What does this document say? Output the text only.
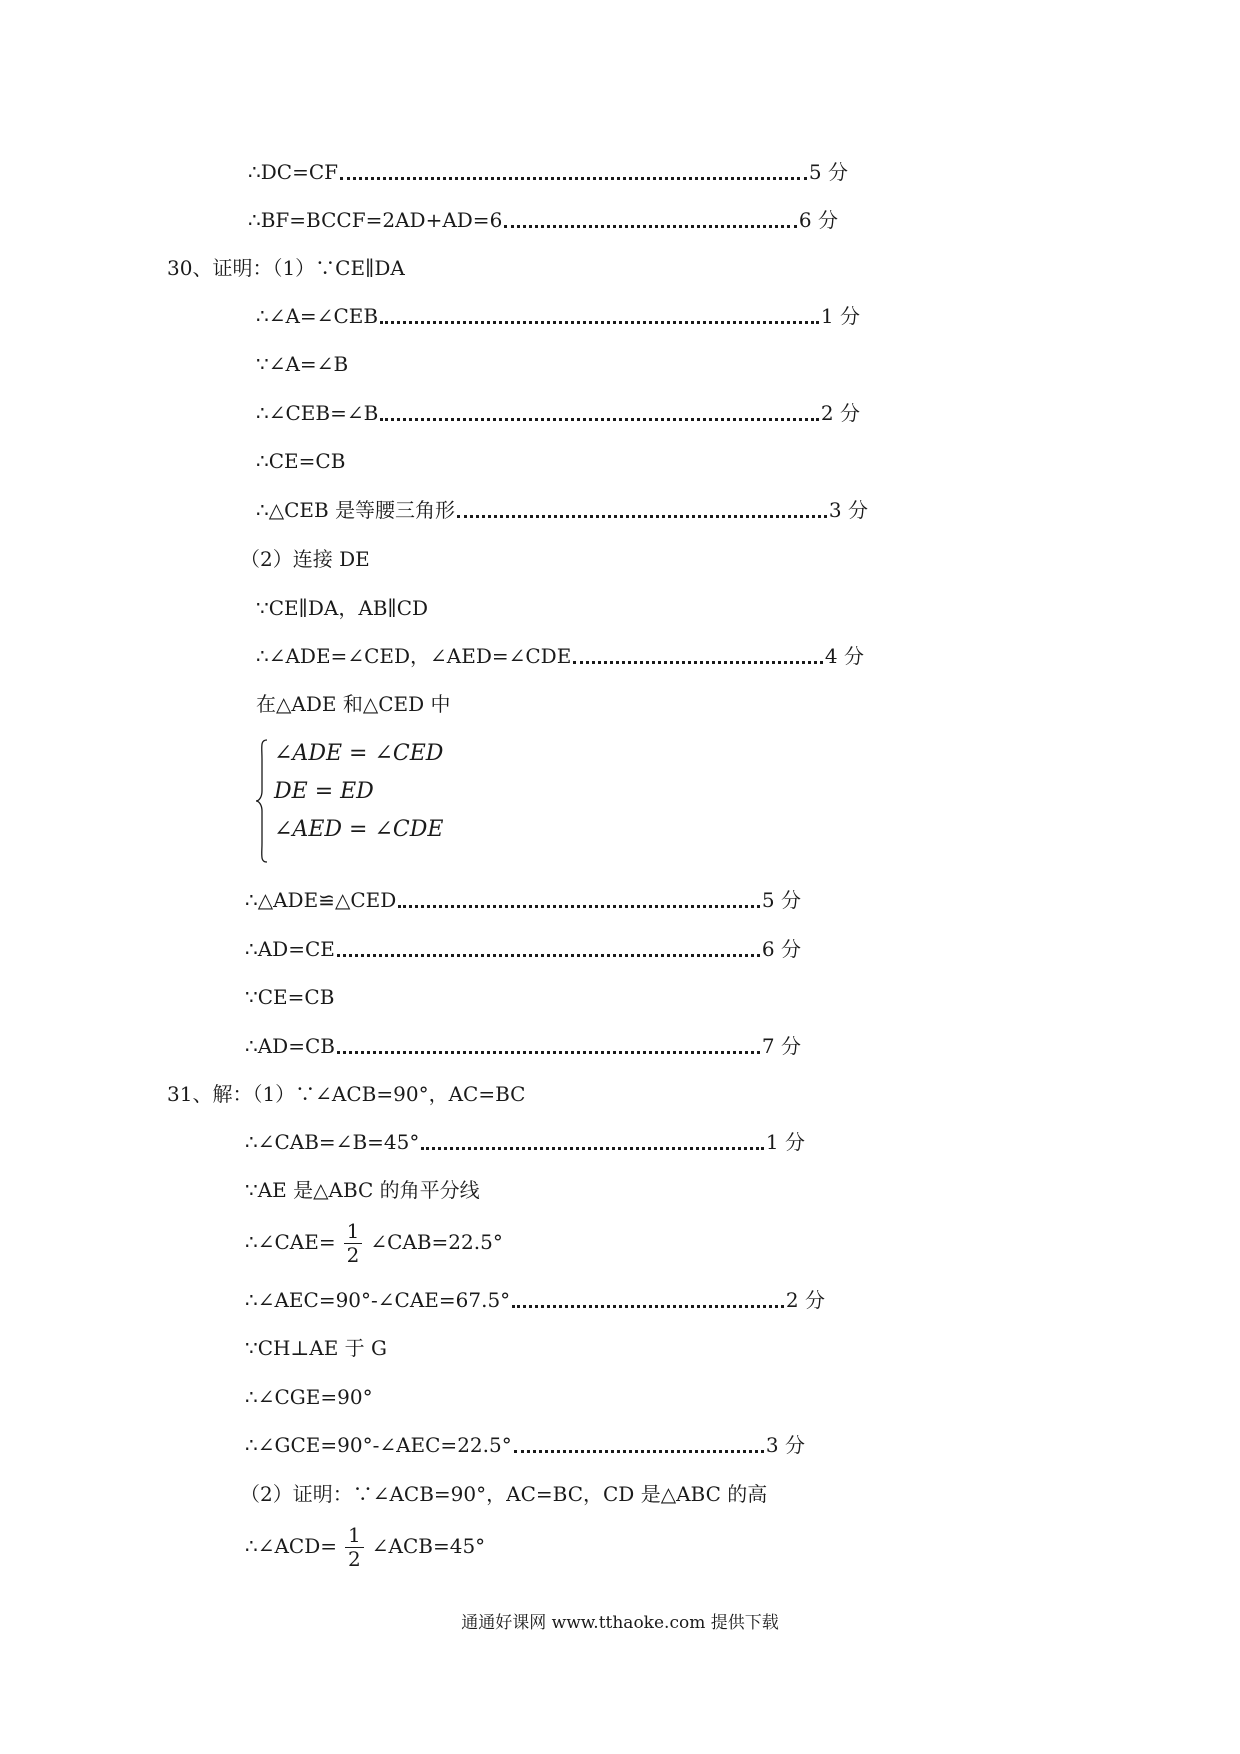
∴DC=CF	5 分
∴BF=BCCF=2AD+AD=6	6 分
30、证明：（1）∵CE∥DA
∴∠A=∠CEB	1 分
∵∠A=∠B
∴∠CEB=∠B	2 分
∴CE=CB
∴△CEB 是等腰三角形	3 分
（2）连接 DE
∵CE∥DA，AB∥CD
∴∠ADE=∠CED，∠AED=∠CDE	4 分
在△ADE 和△CED 中
∠ADE = ∠CED
DE = ED
∠AED = ∠CDE
∴△ADE≌△CED	5 分
∴AD=CE	6 分
∵CE=CB
∴AD=CB	7 分
31、解：（1）∵∠ACB=90°，AC=BC
∴∠CAB=∠B=45°	1 分
∵AE 是△ABC 的角平分线
∴∠CAE= $\frac{1}{2}$ ∠CAB=22.5°
∴∠AEC=90°-∠CAE=67.5°	2 分
∵CH⊥AE 于 G
∴∠CGE=90°
∴∠GCE=90°-∠AEC=22.5°	3 分
（2）证明：∵∠ACB=90°，AC=BC，CD 是△ABC 的高
∴∠ACD= $\frac{1}{2}$ ∠ACB=45°
通通好课网 www.tthaoke.com 提供下载
